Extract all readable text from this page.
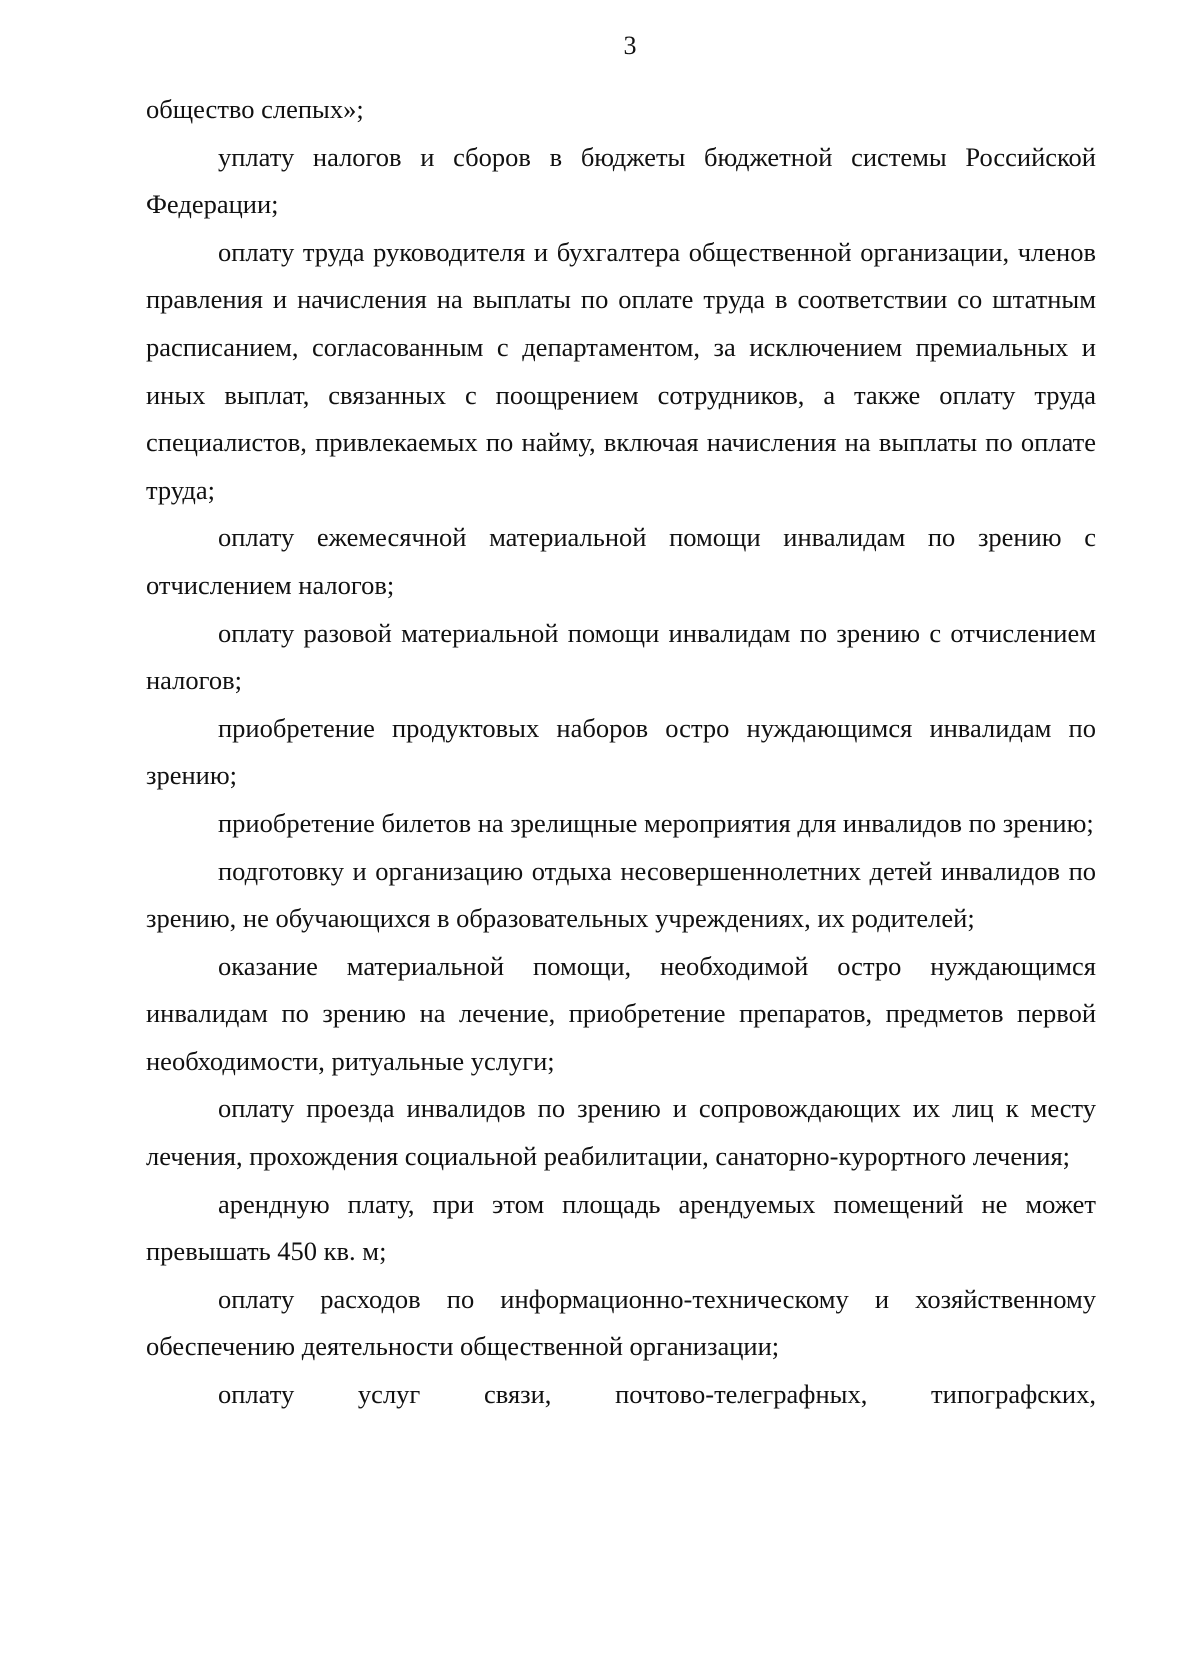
3

общество слепых»;

уплату налогов и сборов в бюджеты бюджетной системы Российской Федерации;

оплату труда руководителя и бухгалтера общественной организации, членов правления и начисления на выплаты по оплате труда в соответствии со штатным расписанием, согласованным с департаментом, за исключением премиальных и иных выплат, связанных с поощрением сотрудников, а также оплату труда специалистов, привлекаемых по найму, включая начисления на выплаты по оплате труда;

оплату ежемесячной материальной помощи инвалидам по зрению с отчислением налогов;

оплату разовой материальной помощи инвалидам по зрению с отчислением налогов;

приобретение продуктовых наборов остро нуждающимся инвалидам по зрению;

приобретение билетов на зрелищные мероприятия для инвалидов по зрению;

подготовку и организацию отдыха несовершеннолетних детей инвалидов по зрению, не обучающихся в образовательных учреждениях, их родителей;

оказание материальной помощи, необходимой остро нуждающимся инвалидам по зрению на лечение, приобретение препаратов, предметов первой необходимости, ритуальные услуги;

оплату проезда инвалидов по зрению и сопровождающих их лиц к месту лечения, прохождения социальной реабилитации, санаторно-курортного лечения;

арендную плату, при этом площадь арендуемых помещений не может превышать 450 кв. м;

оплату расходов по информационно-техническому и хозяйственному обеспечению деятельности общественной организации;

оплату услуг связи, почтово-телеграфных, типографских,
